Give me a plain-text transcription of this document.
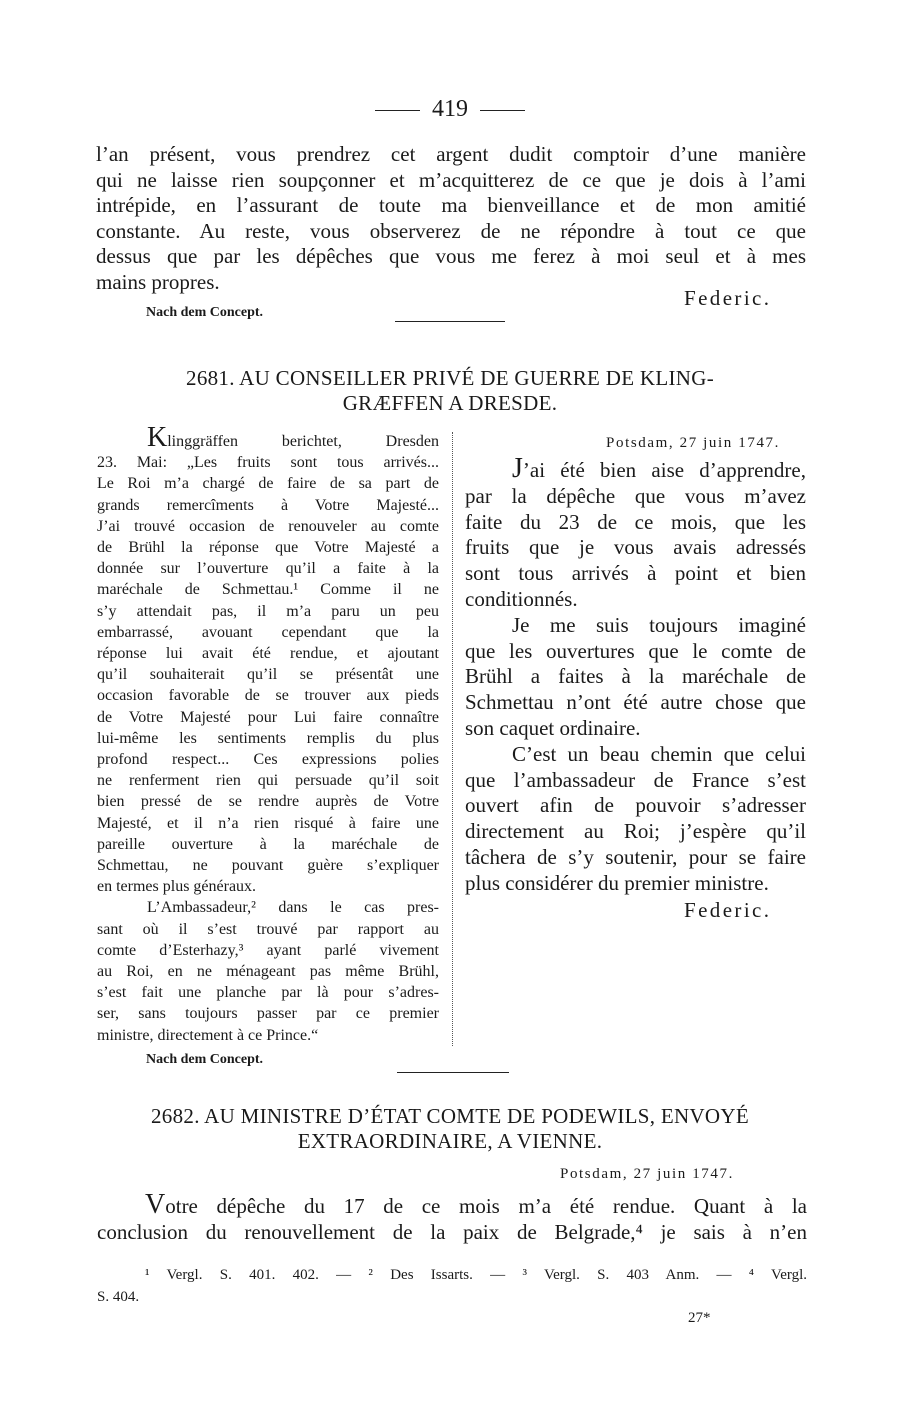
419
l’an présent, vous prendrez cet argent dudit comptoir d’une manière
qui ne laisse rien soupçonner et m’acquitterez de ce que je dois à l’ami
intrépide, en l’assurant de toute ma bienveillance et de mon amitié
constante. Au reste, vous observerez de ne répondre à tout ce que
dessus que par les dépêches que vous me ferez à moi seul et à mes
mains propres.
Federic.
Nach dem Concept.
2681. AU CONSEILLER PRIVÉ DE GUERRE DE KLING-
GRÆFFEN A DRESDE.
Klinggräffen berichtet, Dresden
23. Mai: „Les fruits sont tous arrivés...
Le Roi m’a chargé de faire de sa part de
grands remercîments à Votre Majesté...
J’ai trouvé occasion de renouveler au comte
de Brühl la réponse que Votre Majesté a
donnée sur l’ouverture qu’il a faite à la
maréchale de Schmettau.¹ Comme il ne
s’y attendait pas, il m’a paru un peu
embarrassé, avouant cependant que la
réponse lui avait été rendue, et ajoutant
qu’il souhaiterait qu’il se présentât une
occasion favorable de se trouver aux pieds
de Votre Majesté pour Lui faire connaître
lui-même les sentiments remplis du plus
profond respect... Ces expressions polies
ne renferment rien qui persuade qu’il soit
bien pressé de se rendre auprès de Votre
Majesté, et il n’a rien risqué à faire une
pareille ouverture à la maréchale de
Schmettau, ne pouvant guère s’expliquer
en termes plus généraux.
L’Ambassadeur,² dans le cas pres-
sant où il s’est trouvé par rapport au
comte d’Esterhazy,³ ayant parlé vivement
au Roi, en ne ménageant pas même Brühl,
s’est fait une planche par là pour s’adres-
ser, sans toujours passer par ce premier
ministre, directement à ce Prince.“
Nach dem Concept.
Potsdam, 27 juin 1747.
J’ai été bien aise d’apprendre,
par la dépêche que vous m’avez
faite du 23 de ce mois, que les
fruits que je vous avais adressés
sont tous arrivés à point et bien
conditionnés.
Je me suis toujours imaginé
que les ouvertures que le comte de
Brühl a faites à la maréchale de
Schmettau n’ont été autre chose que
son caquet ordinaire.
C’est un beau chemin que celui
que l’ambassadeur de France s’est
ouvert afin de pouvoir s’adresser
directement au Roi; j’espère qu’il
tâchera de s’y soutenir, pour se faire
plus considérer du premier ministre.
Federic.
2682. AU MINISTRE D’ÉTAT COMTE DE PODEWILS, ENVOYÉ
EXTRAORDINAIRE, A VIENNE.
Potsdam, 27 juin 1747.
Votre dépêche du 17 de ce mois m’a été rendue. Quant à la
conclusion du renouvellement de la paix de Belgrade,⁴ je sais à n’en
¹ Vergl. S. 401. 402. — ² Des Issarts. — ³ Vergl. S. 403 Anm. — ⁴ Vergl.
S. 404.
27*
